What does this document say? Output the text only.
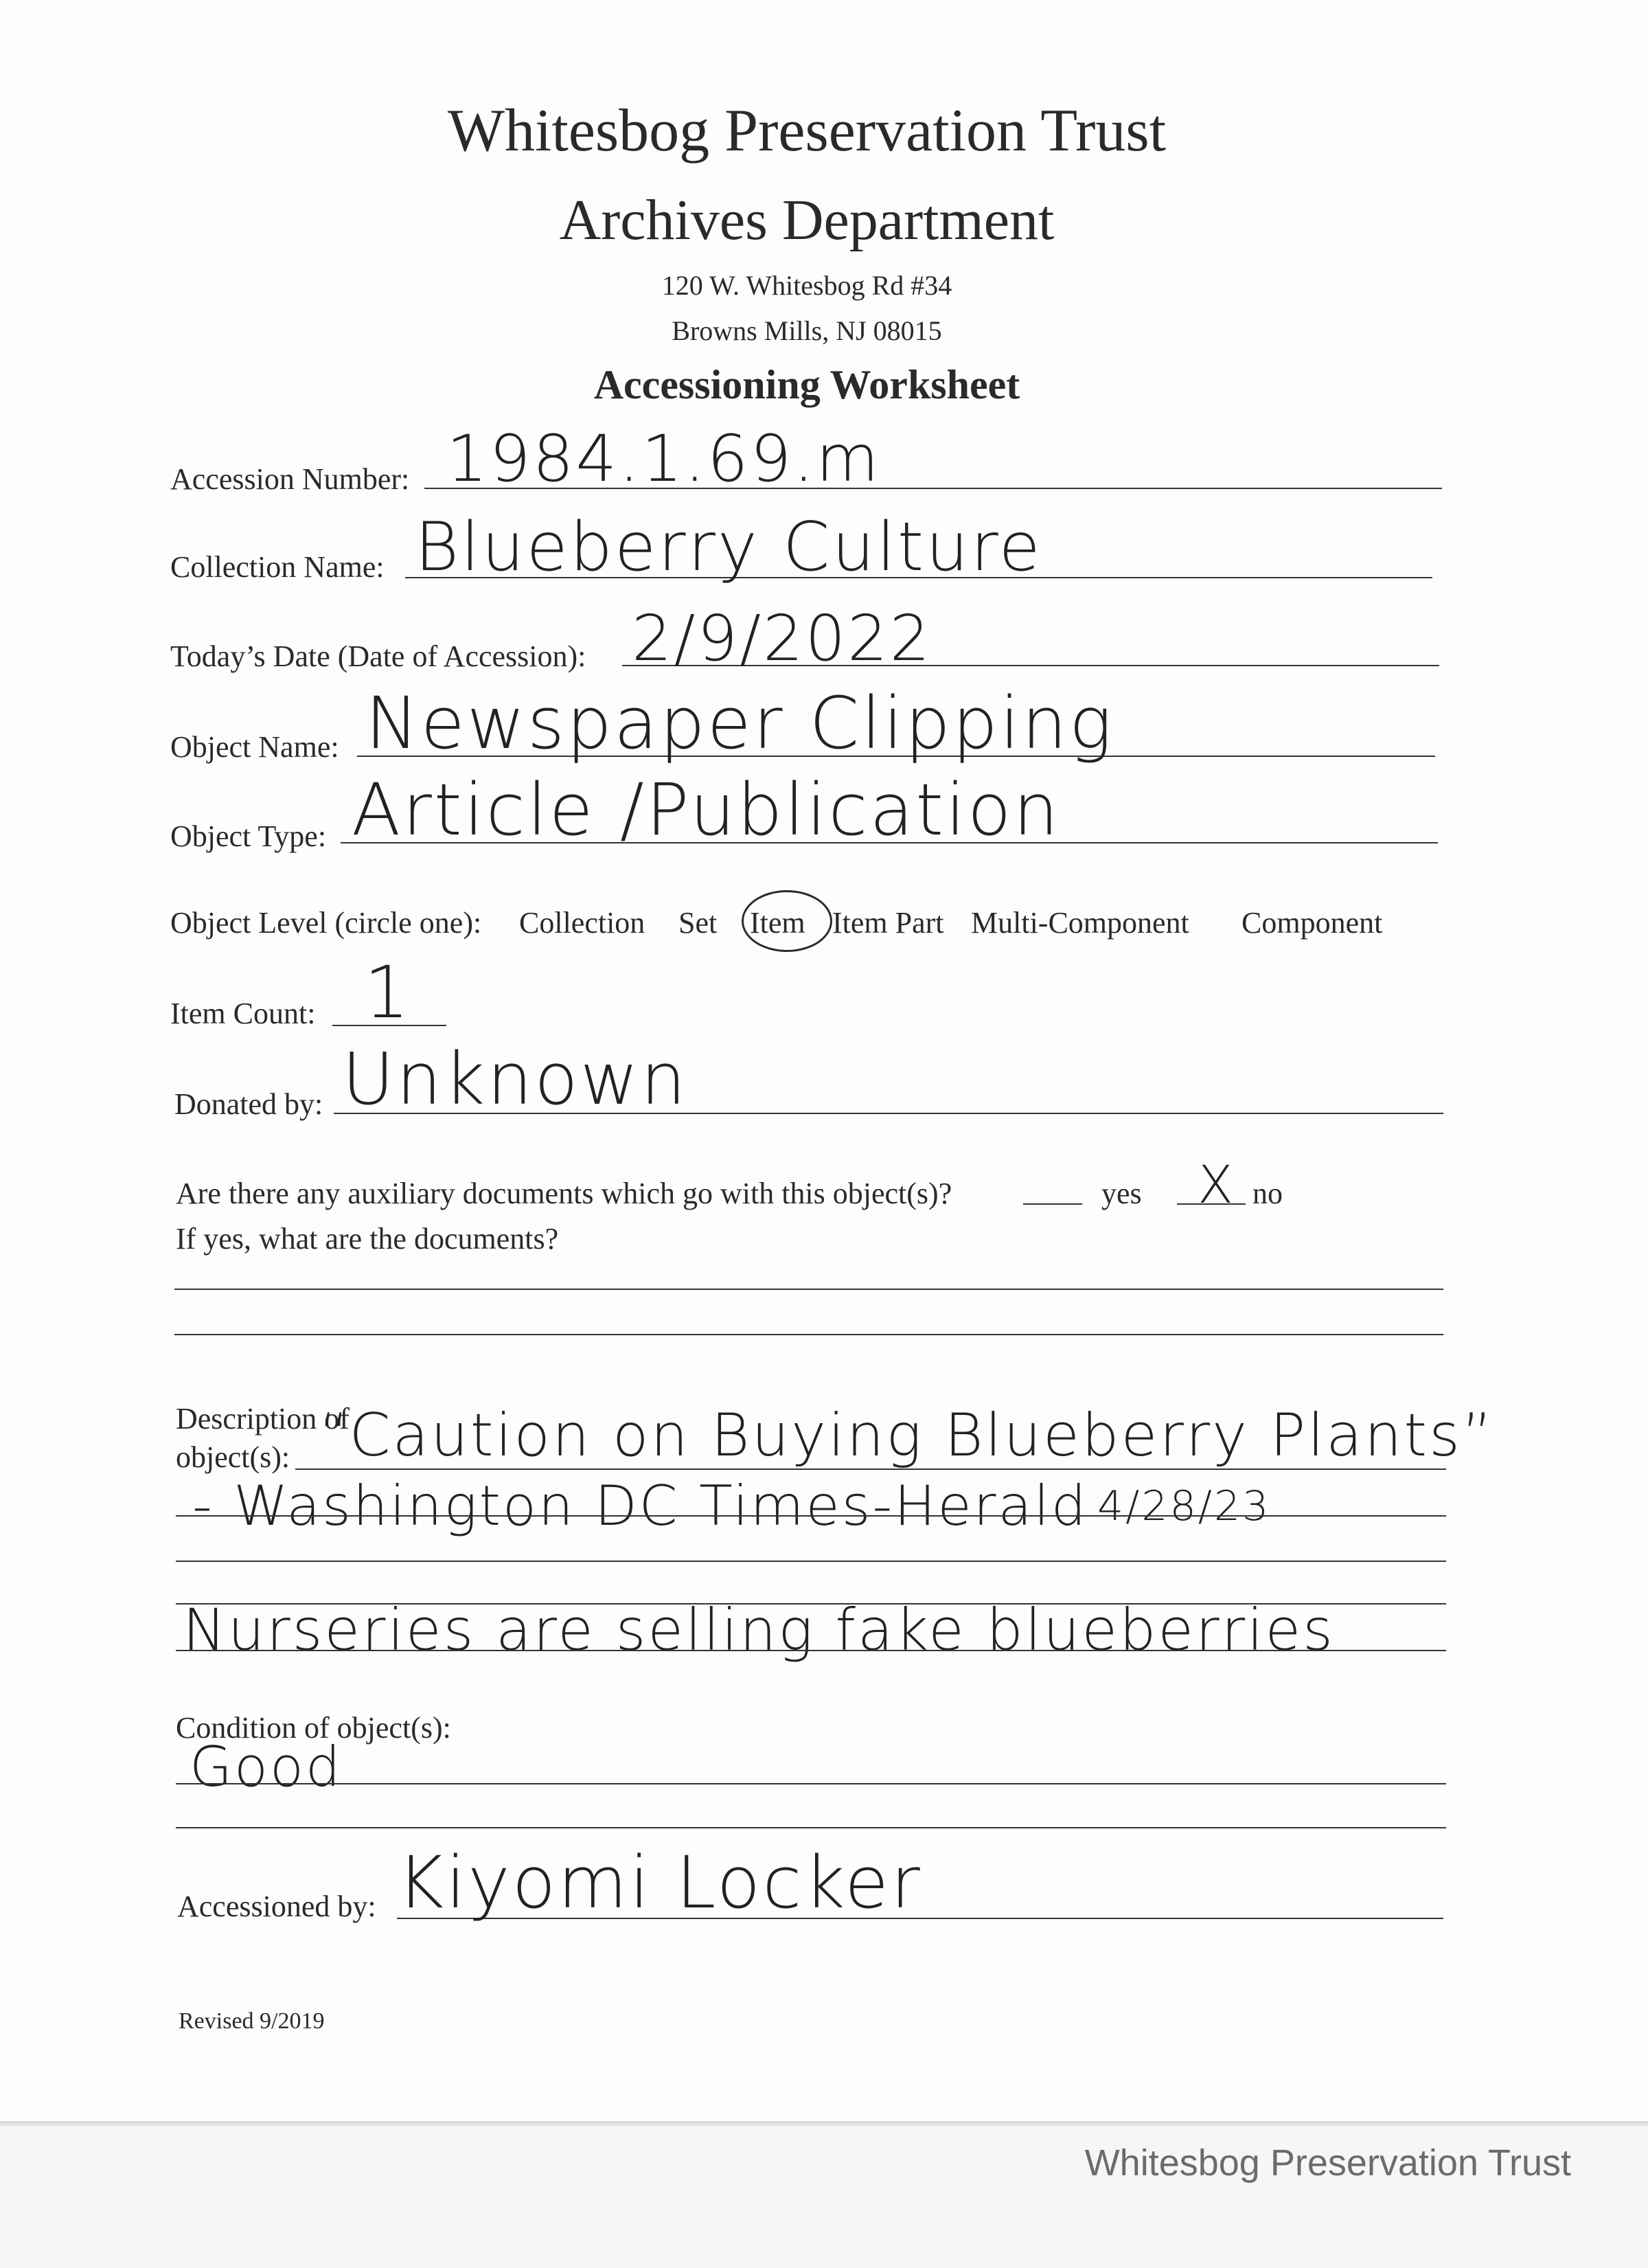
Whitesbog Preservation Trust
Archives Department
120 W. Whitesbog Rd #34
Browns Mills, NJ 08015
Accessioning Worksheet
Accession Number: 1984.1.69.m
Collection Name: Blueberry Culture
Today’s Date (Date of Accession): 2/9/2022
Object Name: Newspaper Clipping
Object Type: Article /Publication
Object Level (circle one): Collection Set Item Item Part Multi-Component Component
Item Count: 1
Donated by: Unknown
Are there any auxiliary documents which go with this object(s)?	yes X no
If yes, what are the documents?
Description of
object(s): “Caution on Buying Blueberry Plants”
- Washington DC Times-Herald 4/28/23
Nurseries are selling fake blueberries
Condition of object(s):
Good
Accessioned by: Kiyomi Locker
Revised 9/2019
Whitesbog Preservation Trust
